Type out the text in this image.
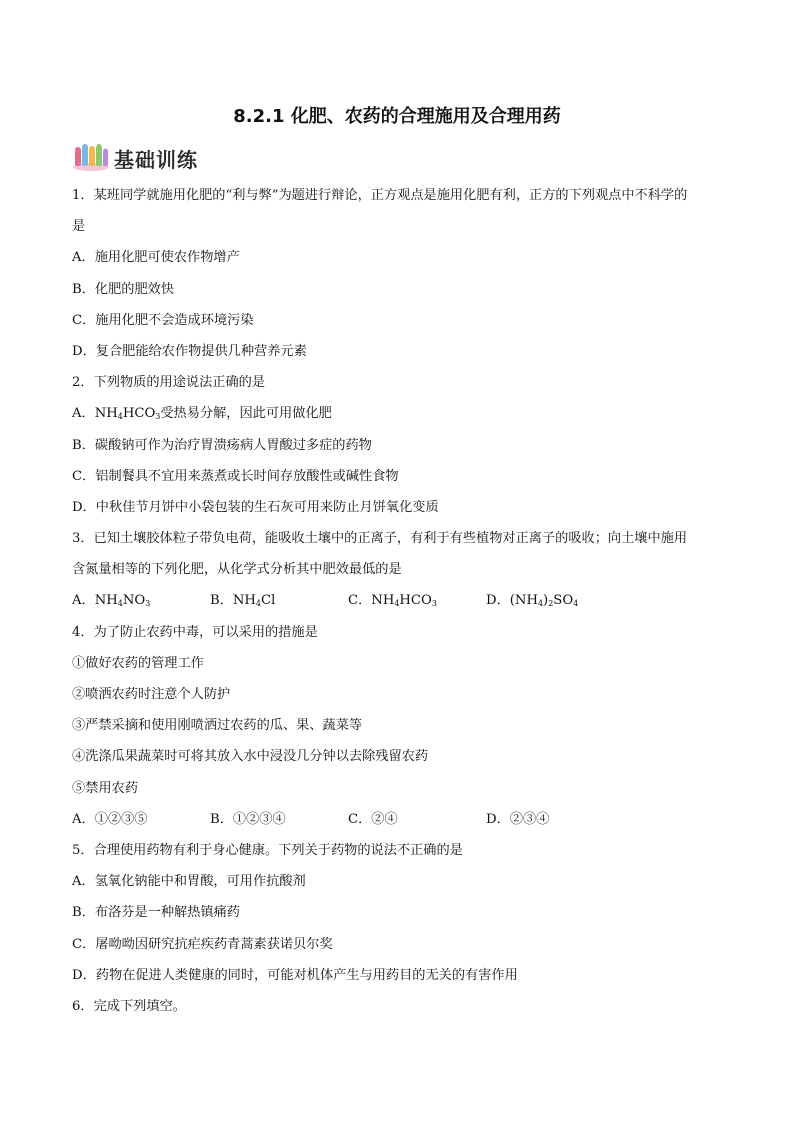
8.2.1 化肥、农药的合理施用及合理用药
基础训练
1．某班同学就施用化肥的“利与弊”为题进行辩论，正方观点是施用化肥有利，正方的下列观点中不科学的
是
A．施用化肥可使农作物增产
B．化肥的肥效快
C．施用化肥不会造成环境污染
D．复合肥能给农作物提供几种营养元素
2．下列物质的用途说法正确的是
A．$NH_4HCO_3$受热易分解，因此可用做化肥
B．碳酸钠可作为治疗胃溃疡病人胃酸过多症的药物
C．铝制餐具不宜用来蒸煮或长时间存放酸性或碱性食物
D．中秋佳节月饼中小袋包装的生石灰可用来防止月饼氧化变质
3．已知土壤胶体粒子带负电荷，能吸收土壤中的正离子，有利于有些植物对正离子的吸收；向土壤中施用
含氮量相等的下列化肥，从化学式分析其中肥效最低的是
A．$NH_4NO_3$	B．$NH_4Cl$	C．$NH_4HCO_3$	D．$(NH_4)_2SO_4$
4．为了防止农药中毒，可以采用的措施是
①做好农药的管理工作
②喷洒农药时注意个人防护
③严禁采摘和使用刚喷洒过农药的瓜、果、蔬菜等
④洗涤瓜果蔬菜时可将其放入水中浸没几分钟以去除残留农药
⑤禁用农药
A．①②③⑤	B．①②③④	C．②④	D．②③④
5．合理使用药物有利于身心健康。下列关于药物的说法不正确的是
A．氢氧化钠能中和胃酸，可用作抗酸剂
B．布洛芬是一种解热镇痛药
C．屠呦呦因研究抗疟疾药青蒿素获诺贝尔奖
D．药物在促进人类健康的同时，可能对机体产生与用药目的无关的有害作用
6．完成下列填空。
